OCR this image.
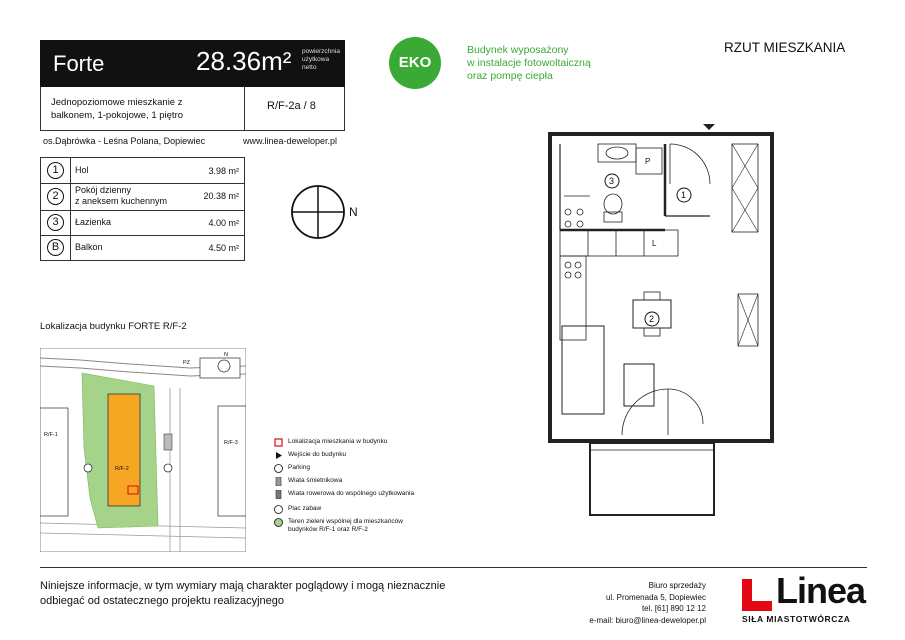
Forte	28.36m² powierzchnia użytkowa netto
Jednopoziomowe mieszkanie z
balkonem, 1-pokojowe, 1 piętro
R/F-2a / 8
os.Dąbrówka - Leśna Polana, Dopiewiec	www.linea-deweloper.pl
1	Hol	3.98 m²
2	Pokój dzienny
z aneksem kuchennym	20.38 m²
3	Łazienka	4.00 m²
B	Balkon	4.50 m²
EKO
Budynek wyposażony
w instalacje fotowoltaiczną
oraz pompę ciepła
RZUT MIESZKANIA
N
1
2
3
P
L
Lokalizacja budynku FORTE R/F-2
R/F-1
R/F-2
R/F-3
PZ
N
Lokalizacja mieszkania w budynku
Wejście do budynku
Parking
Wiata śmietnikowa
Wiata rowerowa do wspólnego użytkowania
Plac zabaw
Teren zieleni wspólnej dla mieszkańców
budynków R/F-1 oraz R/F-2
Niniejsze informacje, w tym wymiary mają charakter poglądowy i mogą nieznacznie
odbiegać od ostatecznego projektu realizacyjnego
Biuro sprzedaży
ul. Promenada 5, Dopiewiec
tel. [61] 890 12 12
e-mail: biuro@linea-deweloper.pl
Linea
SIŁA MIASTOTWÓRCZA
